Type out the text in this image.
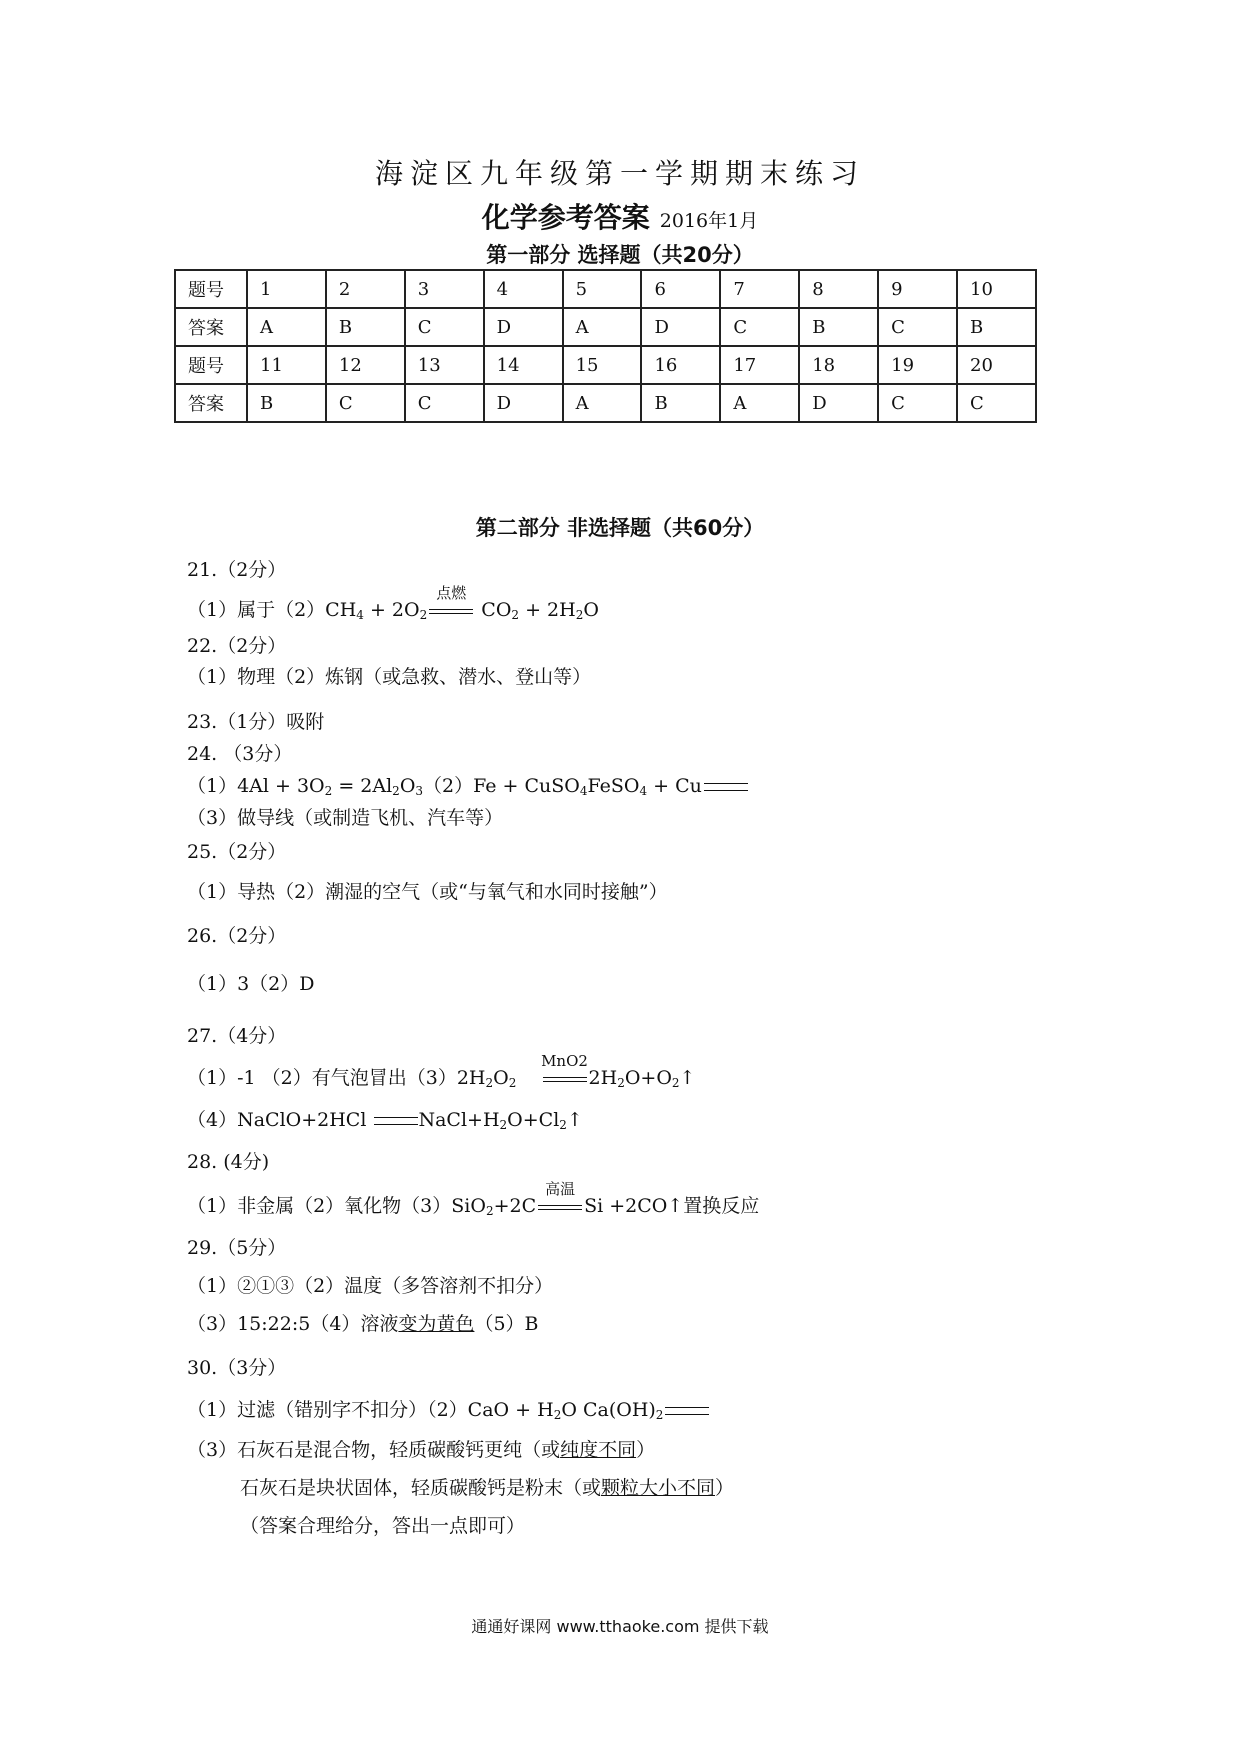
海淀区九年级第一学期期末练习
化学参考答案 2016年1月
第一部分 选择题（共20分）
题号	1	2	3	4	5	6	7	8	9	10
答案	A	B	C	D	A	D	C	B	C	B
题号	11	12	13	14	15	16	17	18	19	20
答案	B	C	C	D	A	B	A	D	C	C
第二部分 非选择题（共60分）
21.（2分）
（1）属于$(2)CH_4 + 2O_2$
点燃
$CO_2 + 2H_2O$
22.（2分）
（1）物理（2）炼钢（或急救、潜水、登山等）
23.（1分）吸附
24. （3分）
$(1)4Al + 3O_2 = 2Al_2O_3(2)Fe$ + CuSO$_4$FeSO$_4$ + Cu
（3）做导线（或制造飞机、汽车等）
25.（2分）
（1）导热（2）潮湿的空气（或“与氧气和水同时接触”）
26.（2分）
（1）3（2）D
27.（4分）
（1）-1 （2）有气泡冒出$(3)2H_2O_2$
MnO2
$2H_2O+O_2↑$
（4）NaClO+2HCl $NaCl+H_2O+Cl_2↑$
28. (4分)
（1）非金属（2）氧化物（3）SiO$_2$+2C
高温
Si +2CO↑置换反应
29.（5分）
（1）②①③（2）温度（多答溶剂不扣分）
（3）15:22:5（4）溶液变为黄色（5）B
30.（3分）
（1）过滤（错别字不扣分）$(2)CaO + H_2O$ $Ca(OH)_2$
（3）石灰石是混合物，轻质碳酸钙更纯（或纯度不同）
石灰石是块状固体，轻质碳酸钙是粉末（或颗粒大小不同）
（答案合理给分，答出一点即可）
通通好课网 www.tthaoke.com 提供下载
